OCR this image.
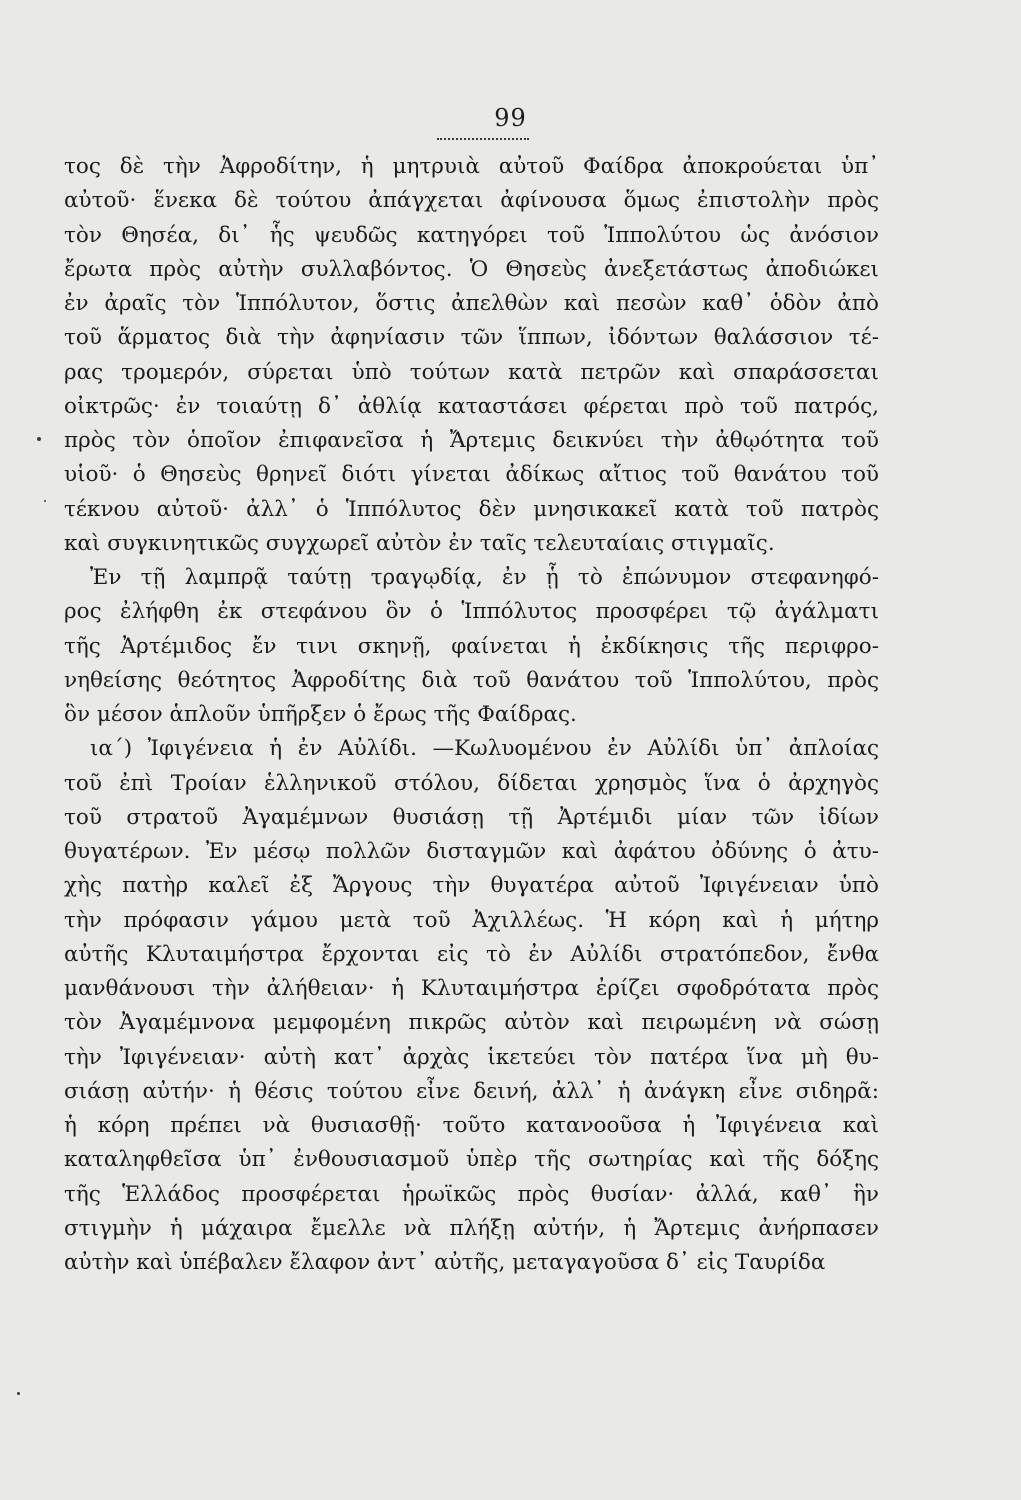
99
τος δὲ τὴν Ἀφροδίτην, ἡ μητρυιὰ αὐτοῦ Φαίδρα ἀποκρούεται ὑπ᾽
αὐτοῦ· ἕνεκα δὲ τούτου ἀπάγχεται ἀφίνουσα ὅμως ἐπιστολὴν πρὸς
τὸν Θησέα, δι᾽ ἧς ψευδῶς κατηγόρει τοῦ Ἱππολύτου ὡς ἀνόσιον
ἔρωτα πρὸς αὐτὴν συλλαβόντος. Ὁ Θησεὺς ἀνεξετάστως ἀποδιώκει
ἐν ἀραῖς τὸν Ἱππόλυτον, ὅστις ἀπελθὼν καὶ πεσὼν καθ᾽ ὁδὸν ἀπὸ
τοῦ ἅρματος διὰ τὴν ἀφηνίασιν τῶν ἵππων, ἰδόντων θαλάσσιον τέ-
ρας τρομερόν, σύρεται ὑπὸ τούτων κατὰ πετρῶν καὶ σπαράσσεται
οἰκτρῶς· ἐν τοιαύτῃ δ᾽ ἀθλίᾳ καταστάσει φέρεται πρὸ τοῦ πατρός,
πρὸς τὸν ὁποῖον ἐπιφανεῖσα ἡ Ἄρτεμις δεικνύει τὴν ἀθῳότητα τοῦ
υἱοῦ· ὁ Θησεὺς θρηνεῖ διότι γίνεται ἀδίκως αἴτιος τοῦ θανάτου τοῦ
τέκνου αὐτοῦ· ἀλλ᾽ ὁ Ἱππόλυτος δὲν μνησικακεῖ κατὰ τοῦ πατρὸς
καὶ συγκινητικῶς συγχωρεῖ αὐτὸν ἐν ταῖς τελευταίαις στιγμαῖς.
Ἐν τῇ λαμπρᾷ ταύτῃ τραγῳδίᾳ, ἐν ᾗ τὸ ἐπώνυμον στεφανηφό-
ρος ἐλήφθη ἐκ στεφάνου ὃν ὁ Ἱππόλυτος προσφέρει τῷ ἀγάλματι
τῆς Ἀρτέμιδος ἔν τινι σκηνῇ, φαίνεται ἡ ἐκδίκησις τῆς περιφρο-
νηθείσης θεότητος Ἀφροδίτης διὰ τοῦ θανάτου τοῦ Ἱππολύτου, πρὸς
ὃν μέσον ἁπλοῦν ὑπῆρξεν ὁ ἔρως τῆς Φαίδρας.
ια΄) Ἰφιγένεια ἡ ἐν Αὐλίδι. —Κωλυομένου ἐν Αὐλίδι ὑπ᾽ ἀπλοίας
τοῦ ἐπὶ Τροίαν ἑλληνικοῦ στόλου, δίδεται χρησμὸς ἵνα ὁ ἀρχηγὸς
τοῦ στρατοῦ Ἀγαμέμνων θυσιάσῃ τῇ Ἀρτέμιδι μίαν τῶν ἰδίων
θυγατέρων. Ἐν μέσῳ πολλῶν δισταγμῶν καὶ ἀφάτου ὀδύνης ὁ ἀτυ-
χὴς πατὴρ καλεῖ ἐξ Ἄργους τὴν θυγατέρα αὐτοῦ Ἰφιγένειαν ὑπὸ
τὴν πρόφασιν γάμου μετὰ τοῦ Ἀχιλλέως. Ἡ κόρη καὶ ἡ μήτηρ
αὐτῆς Κλυταιμήστρα ἔρχονται εἰς τὸ ἐν Αὐλίδι στρατόπεδον, ἔνθα
μανθάνουσι τὴν ἀλήθειαν· ἡ Κλυταιμήστρα ἐρίζει σφοδρότατα πρὸς
τὸν Ἀγαμέμνονα μεμφομένη πικρῶς αὐτὸν καὶ πειρωμένη νὰ σώσῃ
τὴν Ἰφιγένειαν· αὐτὴ κατ᾽ ἀρχὰς ἱκετεύει τὸν πατέρα ἵνα μὴ θυ-
σιάσῃ αὐτήν· ἡ θέσις τούτου εἶνε δεινή, ἀλλ᾽ ἡ ἀνάγκη εἶνε σιδηρᾶ:
ἡ κόρη πρέπει νὰ θυσιασθῇ· τοῦτο κατανοοῦσα ἡ Ἰφιγένεια καὶ
καταληφθεῖσα ὑπ᾽ ἐνθουσιασμοῦ ὑπὲρ τῆς σωτηρίας καὶ τῆς δόξης
τῆς Ἑλλάδος προσφέρεται ἡρωϊκῶς πρὸς θυσίαν· ἀλλά, καθ᾽ ἣν
στιγμὴν ἡ μάχαιρα ἔμελλε νὰ πλήξῃ αὐτήν, ἡ Ἄρτεμις ἀνήρπασεν
αὐτὴν καὶ ὑπέβαλεν ἔλαφον ἀντ᾽ αὐτῆς, μεταγαγοῦσα δ᾽ εἰς Ταυρίδα
